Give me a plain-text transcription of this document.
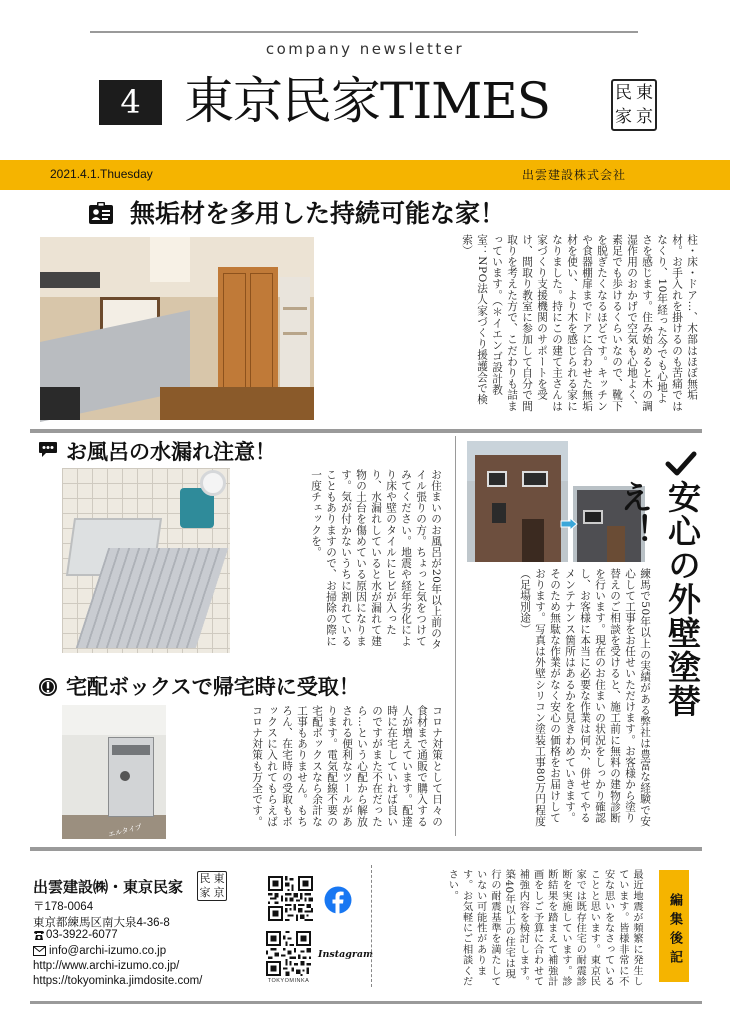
company newsletter
4 東京民家TIMES	民 東
家 京
2021.4.1.Thuesday	出雲建設株式会社
無垢材を多用した持続可能な家！
柱・床・ドア…、木部はほぼ無垢材。お手入れを掛けるのも苦痛ではなくり、10年経った今でも心地よさを感じます。住み始めると木の調湿作用のおかげで空気も心地よく、素足でも歩けるくらいなので、靴下を脱ぎたくなるほどです。キッチンや食器棚扉までドアに合わせた無垢材を使い、より木を感じられる家になりました。持にこの建て主さんは家づくり支援機関のサポートを受け、間取り教室に参加して自分で間取りを考えた方で、こだわりも詰まっています。（＊イエンゴ設計教室：NPO法人家づくり援護会で検索）
お風呂の水漏れ注意！
お住まいのお風呂が20年以上前のタイル張りの方。ちょっと気をつけてみてください。地震や経年劣化により床や壁のタイルにヒビが入ったり、水漏れしていると水が漏れて建物の土台を傷めている原因になります。気が付かないうちに割れていることもありますので、お掃除の際に一度チェックを。	安心の外壁塗替え！
練馬で50年以上の実績がある弊社は豊富な経験で安心して工事をお任せいただけます。お客様から塗り替えのご相談を受けると、施工前に無料の建物診断を行います。現在のお住まいの状況をしっかり確認し、お客様に本当に必要な作業は何か、併せてやるメンテナンス箇所はあるかを見きわめていきます。そのため無駄な作業がなく安心の価格をお届けしております。写真は外壁シリコン塗装工事80万円程度（足場別途）
宅配ボックスで帰宅時に受取！
エルタイプ
コロナ対策として日々の食材まで通販で購入する人が増えています。配達時に在宅していれば良いのですがまた不在だったら…という心配から解放される便利なツールがあります。電気配線不要の宅配ボックスなら余計な工事もありません。もちろん、在宅時の受取もボックスに入れてもらえばコロナ対策も万全です。
出雲建設㈱・東京民家 民 東
家 京
〒178-0064
東京都練馬区南大泉4-36-8
03-3922-6077
info@archi-izumo.co.jp
http://www.archi-izumo.co.jp/
https://tokyominka.jimdosite.com/	TOKYOMINKA
Instagram	最近地震が頻繁に発生しています。皆様非常に不安な思いをなさっていることと思います。東京民家では既存住宅の耐震診断を実施しています。診断結果を踏まえて補強計画をしご予算に合わせて補強内容を検討します。築40年以上の住宅は現行の耐震基準を満たしていない可能性があります。お気軽にご相談ください。
編集後記
